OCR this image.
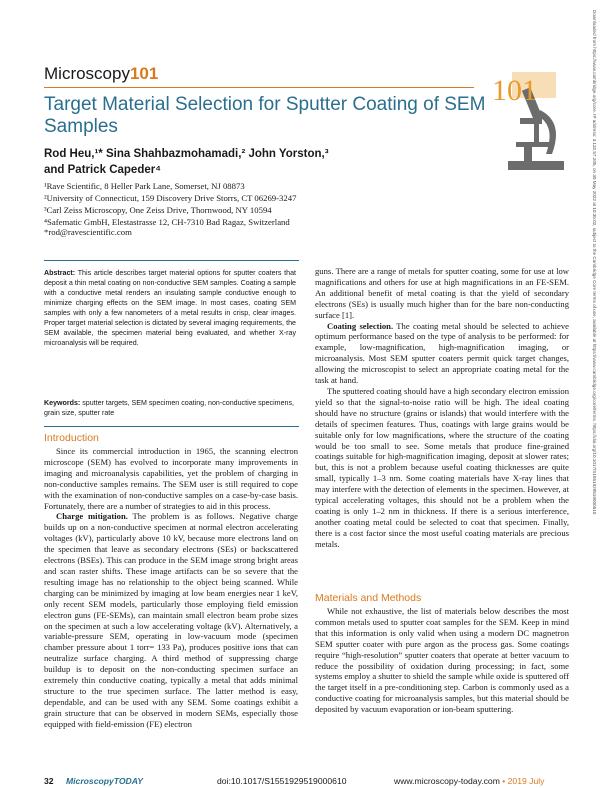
Downloaded from https://www.cambridge.org/core. IP address: 3.132.57.205, on 30 May 2022 at 10:35:02, subject to the Cambridge Core terms of use, available at https://www.cambridge.org/core/terms. https://doi.org/10.1017/S1551929519000610
Microscopy101
101
Target Material Selection for Sputter Coating of SEM Samples
Rod Heu,¹* Sina Shahbazmohamadi,² John Yorston,³
and Patrick Capeder⁴
¹Rave Scientific, 8 Heller Park Lane, Somerset, NJ 08873
²University of Connecticut, 159 Discovery Drive Storrs, CT 06269-3247
³Carl Zeiss Microscopy, One Zeiss Drive, Thornwood, NY 10594
⁴Safematic GmbH, Elestastrasse 12, CH-7310 Bad Ragaz, Switzerland
*rod@ravescientific.com
Abstract: This article describes target material options for sputter coaters that deposit a thin metal coating on non-conductive SEM samples. Coating a sample with a conductive metal renders an insulating sample conductive enough to minimize charging effects on the SEM image. In most cases, coating SEM samples with only a few nanometers of a metal results in crisp, clear images. Proper target material selection is dictated by several imaging requirements, the SEM available, the specimen material being evaluated, and whether X-ray microanalysis will be required.
Keywords: sputter targets, SEM specimen coating, non-conductive specimens, grain size, sputter rate
Introduction

Since its commercial introduction in 1965, the scanning electron microscope (SEM) has evolved to incorporate many improvements in imaging and microanalysis capabilities, yet the problem of charging in non-conductive samples remains. The SEM user is still required to cope with the examination of non-conductive samples on a case-by-case basis. Fortunately, there are a number of strategies to aid in this process.

Charge mitigation. The problem is as follows. Negative charge builds up on a non-conductive specimen at normal electron accelerating voltages (kV), particularly above 10 kV, because more electrons land on the specimen that leave as secondary electrons (SEs) or backscattered electrons (BSEs). This can produce in the SEM image strong bright areas and scan raster shifts. These image artifacts can be so severe that the resulting image has no relationship to the object being scanned. While charging can be minimized by imaging at low beam energies near 1 keV, only recent SEM models, particularly those employing field emission electron guns (FE-SEMs), can maintain small electron beam probe sizes on the specimen at such a low accelerating voltage (kV). Alternatively, a variable-pressure SEM, operating in low-vacuum mode (specimen chamber pressure about 1 torr= 133 Pa), produces positive ions that can neutralize surface charging. A third method of suppressing charge buildup is to deposit on the non-conducting specimen surface an extremely thin conductive coating, typically a metal that adds minimal structure to the true specimen surface. The latter method is easy, dependable, and can be used with any SEM. Some coatings exhibit a grain structure that can be observed in modern SEMs, especially those equipped with field-emission (FE) electron

guns. There are a range of metals for sputter coating, some for use at low magnifications and others for use at high magnifications in an FE-SEM. An additional benefit of metal coating is that the yield of secondary electrons (SEs) is usually much higher than for the bare non-conducting surface [1].

Coating selection. The coating metal should be selected to achieve optimum performance based on the type of analysis to be performed: for example, low-magnification, high-magnification imaging, or microanalysis. Most SEM sputter coaters permit quick target changes, allowing the microscopist to select an appropriate coating metal for the task at hand.

The sputtered coating should have a high secondary electron emission yield so that the signal-to-noise ratio will be high. The ideal coating should have no structure (grains or islands) that would interfere with the details of specimen features. Thus, coatings with large grains would be suitable only for low magnifications, where the structure of the coating would be too small to see. Some metals that produce fine-grained coatings suitable for high-magnification imaging, deposit at slower rates; but, this is not a problem because useful coating thicknesses are quite small, typically 1–3 nm. Some coating materials have X-ray lines that may interfere with the detection of elements in the specimen. However, at typical accelerating voltages, this should not be a problem when the coating is only 1–2 nm in thickness. If there is a serious interference, another coating metal could be selected to coat that specimen. Finally, there is a cost factor since the most useful coating materials are precious metals.

Materials and Methods

While not exhaustive, the list of materials below describes the most common metals used to sputter coat samples for the SEM. Keep in mind that this information is only valid when using a modern DC magnetron SEM sputter coater with pure argon as the process gas. Some coatings require “high-resolution” sputter coaters that operate at better vacuum to reduce the possibility of oxidation during processing; in fact, some systems employ a shutter to shield the sample while oxide is sputtered off the target itself in a pre-conditioning step. Carbon is commonly used as a conductive coating for microanalysis samples, but this material should be deposited by vacuum evaporation or ion-beam sputtering.

32 MicroscopyTODAY	doi:10.1017/S1551929519000610	www.microscopy-today.com • 2019 July
